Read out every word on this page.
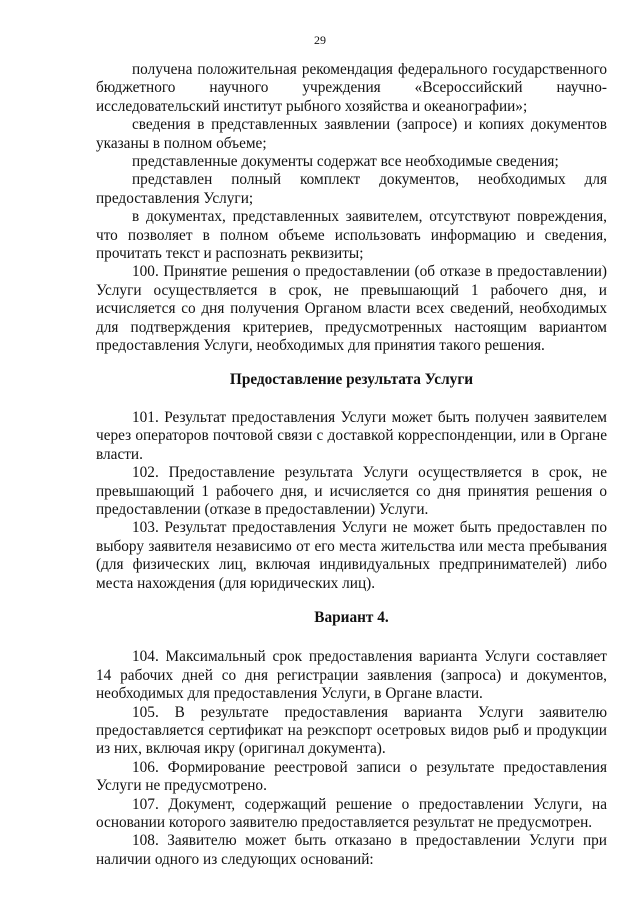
29

получена положительная рекомендация федерального государственного бюджетного научного учреждения «Всероссийский научно-исследовательский институт рыбного хозяйства и океанографии»;

сведения в представленных заявлении (запросе) и копиях документов указаны в полном объеме;

представленные документы содержат все необходимые сведения;

представлен полный комплект документов, необходимых для предоставления Услуги;

в документах, представленных заявителем, отсутствуют повреждения, что позволяет в полном объеме использовать информацию и сведения, прочитать текст и распознать реквизиты;

100. Принятие решения о предоставлении (об отказе в предоставлении) Услуги осуществляется в срок, не превышающий 1 рабочего дня, и исчисляется со дня получения Органом власти всех сведений, необходимых для подтверждения критериев, предусмотренных настоящим вариантом предоставления Услуги, необходимых для принятия такого решения.

Предоставление результата Услуги

101. Результат предоставления Услуги может быть получен заявителем через операторов почтовой связи с доставкой корреспонденции, или в Органе власти.

102. Предоставление результата Услуги осуществляется в срок, не превышающий 1 рабочего дня, и исчисляется со дня принятия решения о предоставлении (отказе в предоставлении) Услуги.

103. Результат предоставления Услуги не может быть предоставлен по выбору заявителя независимо от его места жительства или места пребывания (для физических лиц, включая индивидуальных предпринимателей) либо места нахождения (для юридических лиц).

Вариант 4.

104. Максимальный срок предоставления варианта Услуги составляет 14 рабочих дней со дня регистрации заявления (запроса) и документов, необходимых для предоставления Услуги, в Органе власти.

105. В результате предоставления варианта Услуги заявителю предоставляется сертификат на реэкспорт осетровых видов рыб и продукции из них, включая икру (оригинал документа).

106. Формирование реестровой записи о результате предоставления Услуги не предусмотрено.

107. Документ, содержащий решение о предоставлении Услуги, на основании которого заявителю предоставляется результат не предусмотрен.

108. Заявителю может быть отказано в предоставлении Услуги при наличии одного из следующих оснований:
